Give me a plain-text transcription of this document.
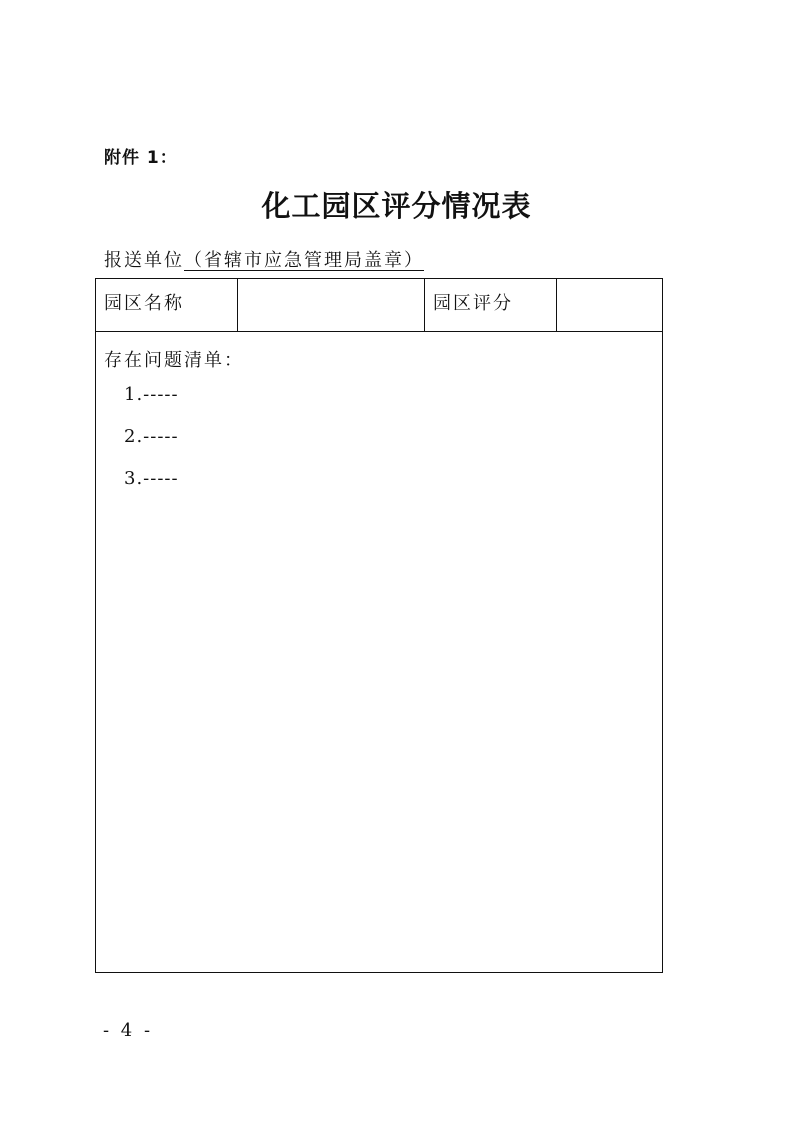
附件 1：
化工园区评分情况表
报送单位（省辖市应急管理局盖章）
园区名称	园区评分
存在问题清单：
1.-----
2.-----
3.-----
- 4 -
